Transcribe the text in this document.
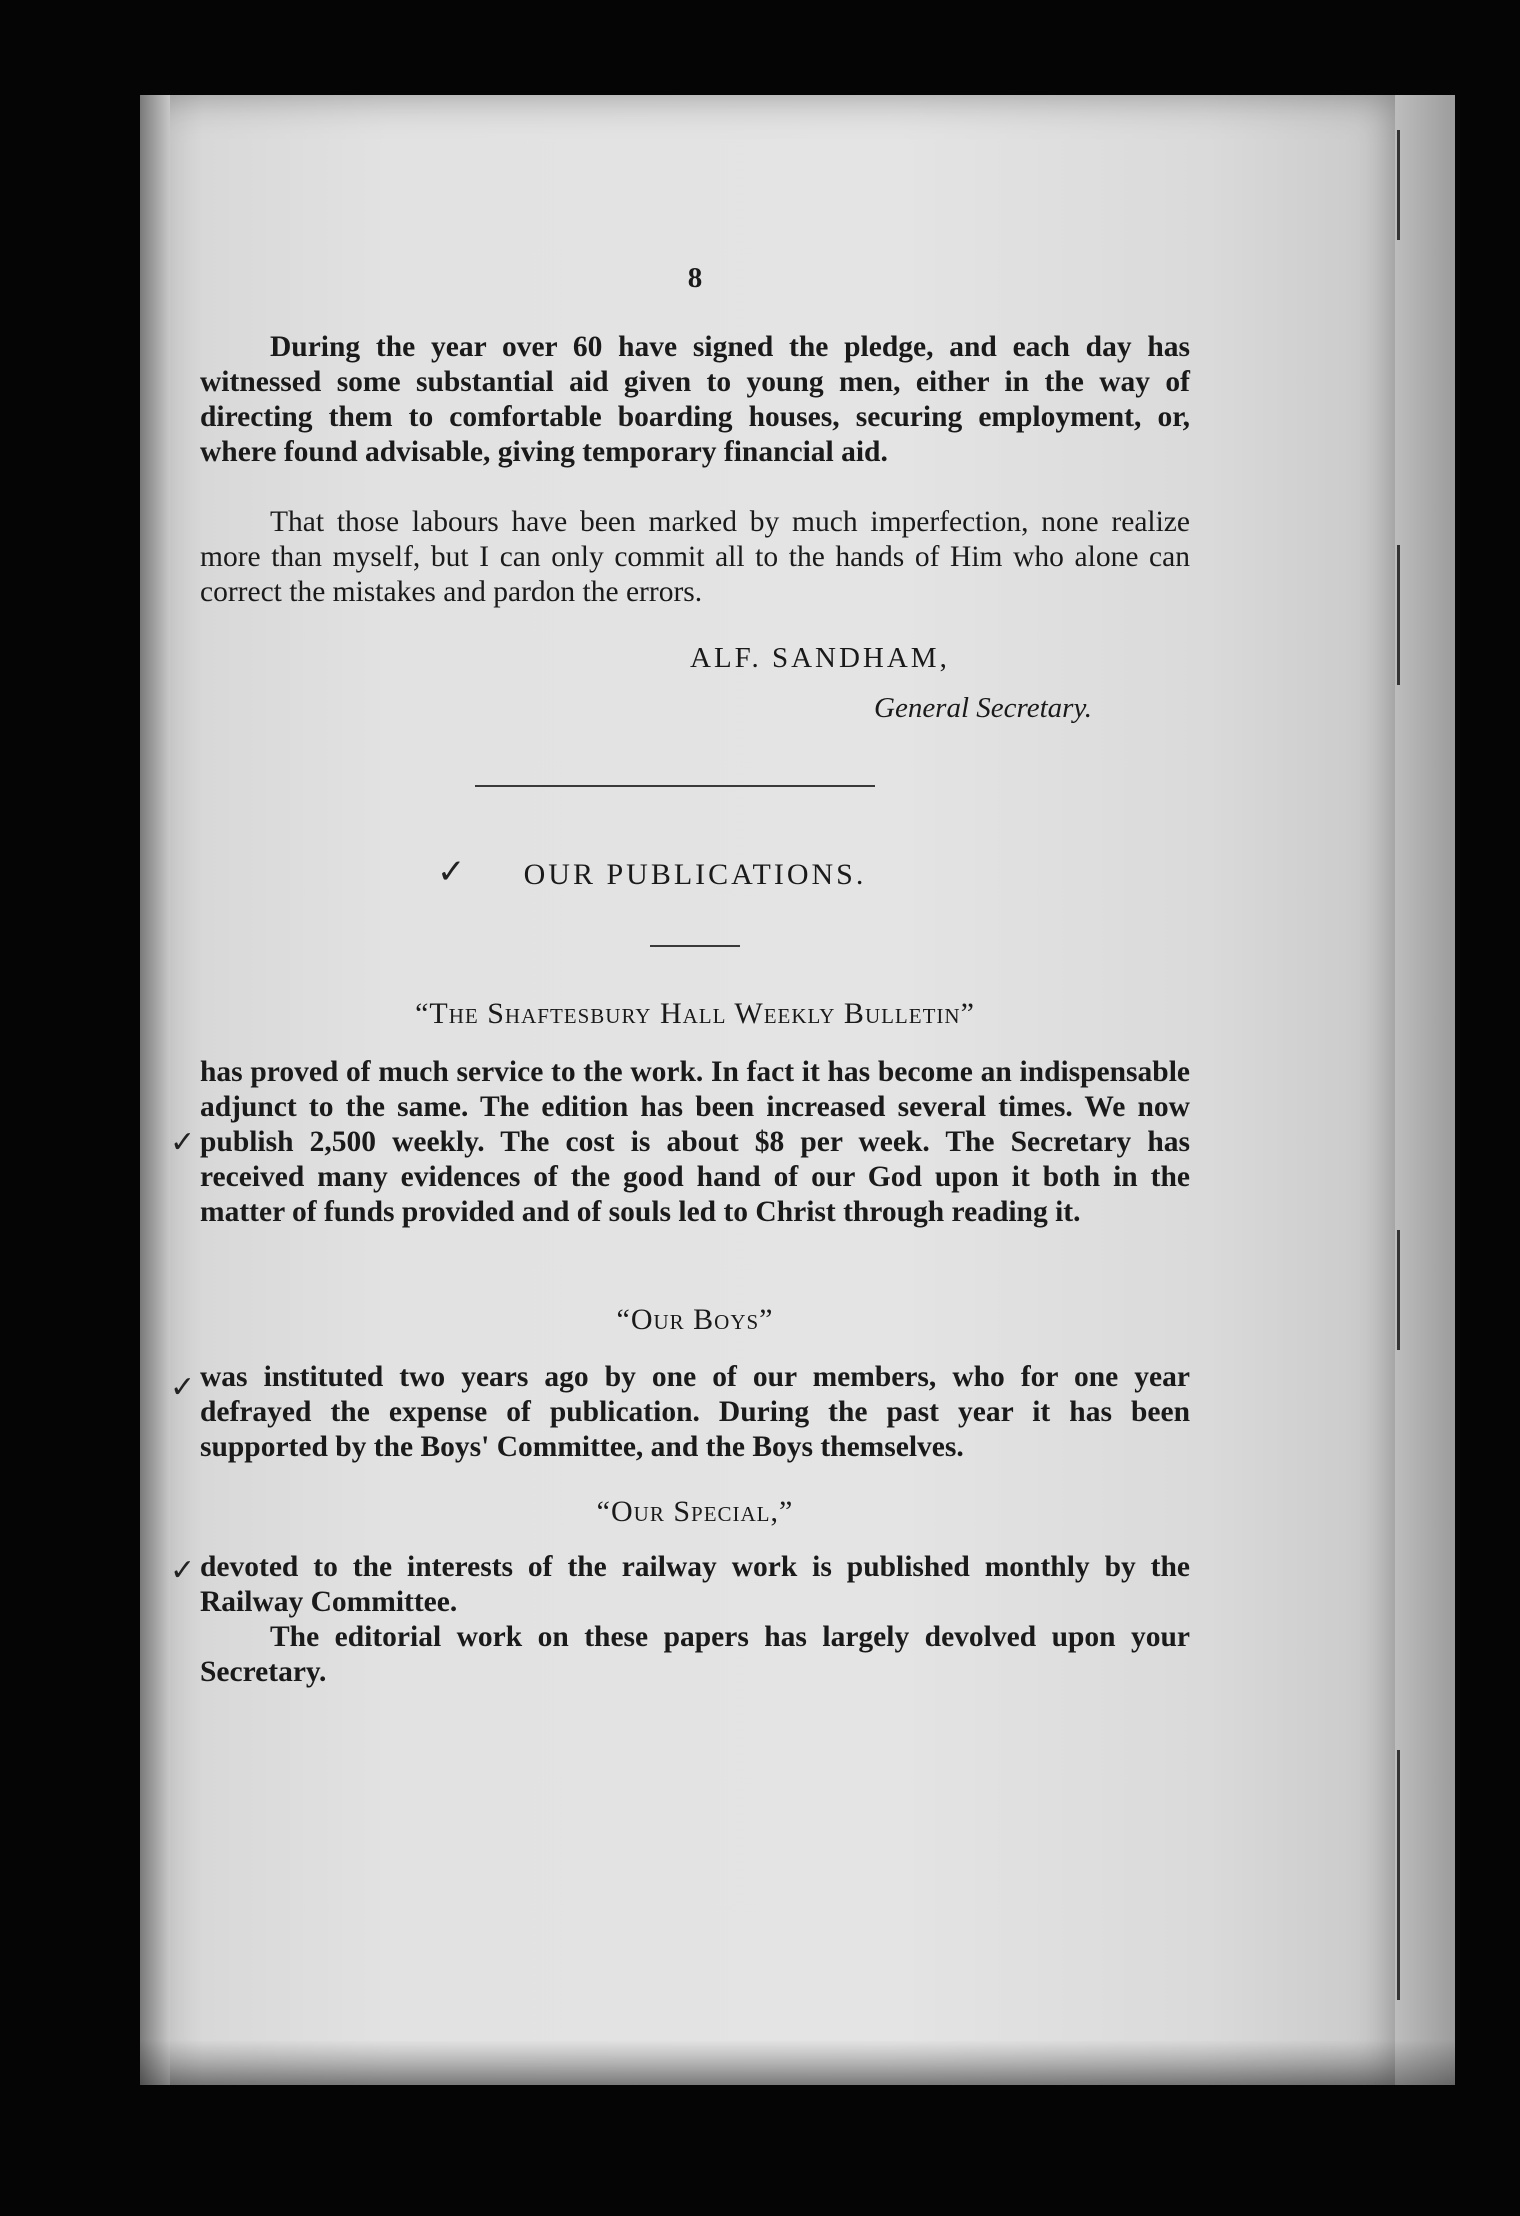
8

During the year over 60 have signed the pledge, and each day has witnessed some substantial aid given to young men, either in the way of directing them to comfortable boarding houses, securing employment, or, where found advisable, giving temporary financial aid.

That those labours have been marked by much imperfection, none realize more than myself, but I can only commit all to the hands of Him who alone can correct the mistakes and pardon the errors.

ALF. SANDHAM,
General Secretary.
✓	OUR PUBLICATIONS.
“The Shaftesbury Hall Weekly Bulletin”

has proved of much service to the work. In fact it has become an indispensable adjunct to the same. The edition has been increased several times. We now publish 2,500 weekly. The cost is about $8 per week. The Secretary has received many evidences of the good hand of our God upon it both in the matter of funds provided and of souls led to Christ through reading it.

“Our Boys”

was instituted two years ago by one of our members, who for one year defrayed the expense of publication. During the past year it has been supported by the Boys' Committee, and the Boys themselves.

“Our Special,”

devoted to the interests of the railway work is published monthly by the Railway Committee.

The editorial work on these papers has largely devolved upon your Secretary.

✓
✓
✓
